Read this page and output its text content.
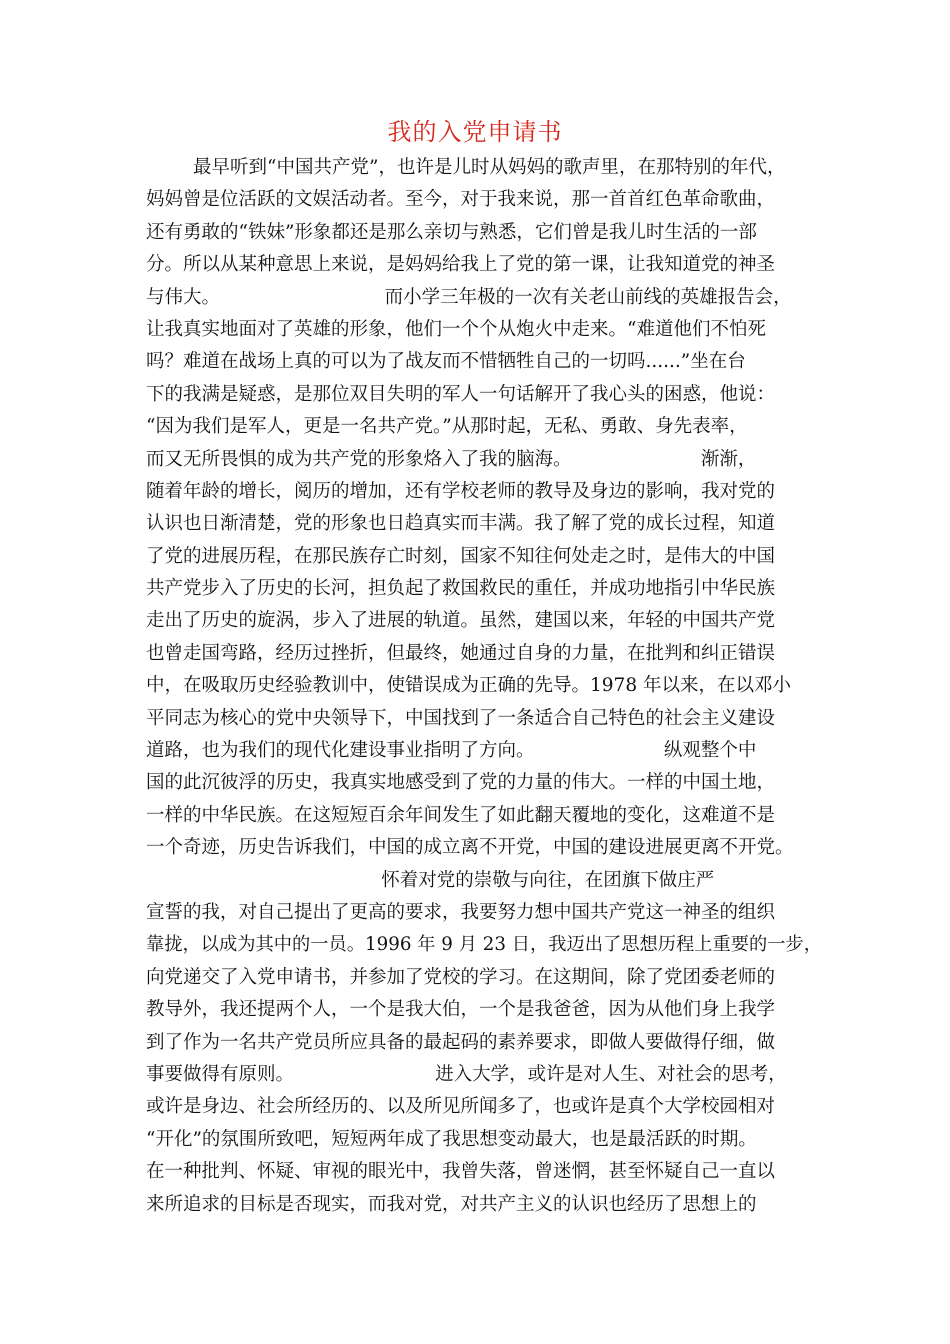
我的入党申请书
最早听到“中国共产党”，也许是儿时从妈妈的歌声里，在那特别的年代，
妈妈曾是位活跃的文娱活动者。至今，对于我来说，那一首首红色革命歌曲，
还有勇敢的“铁妹”形象都还是那么亲切与熟悉，它们曾是我儿时生活的一部
分。所以从某种意思上来说，是妈妈给我上了党的第一课，让我知道党的神圣
与伟大。                            而小学三年极的一次有关老山前线的英雄报告会，
让我真实地面对了英雄的形象，他们一个个从炮火中走来。“难道他们不怕死
吗？难道在战场上真的可以为了战友而不惜牺牲自己的一切吗......”坐在台
下的我满是疑惑，是那位双目失明的军人一句话解开了我心头的困惑，他说：
“因为我们是军人，更是一名共产党。”从那时起，无私、勇敢、身先表率，
而又无所畏惧的成为共产党的形象烙入了我的脑海。                      渐渐，
随着年龄的增长，阅历的增加，还有学校老师的教导及身边的影响，我对党的
认识也日渐清楚，党的形象也日趋真实而丰满。我了解了党的成长过程，知道
了党的进展历程，在那民族存亡时刻，国家不知往何处走之时，是伟大的中国
共产党步入了历史的长河，担负起了救国救民的重任，并成功地指引中华民族
走出了历史的旋涡，步入了进展的轨道。虽然，建国以来，年轻的中国共产党
也曾走国弯路，经历过挫折，但最终，她通过自身的力量，在批判和纠正错误
中，在吸取历史经验教训中，使错误成为正确的先导。1978 年以来，在以邓小
平同志为核心的党中央领导下，中国找到了一条适合自己特色的社会主义建设
道路，也为我们的现代化建设事业指明了方向。                      纵观整个中
国的此沉彼浮的历史，我真实地感受到了党的力量的伟大。一样的中国土地，
一样的中华民族。在这短短百余年间发生了如此翻天覆地的变化，这难道不是
一个奇迹，历史告诉我们，中国的成立离不开党，中国的建设进展更离不开党。
怀着对党的崇敬与向往，在团旗下做庄严
宣誓的我，对自己提出了更高的要求，我要努力想中国共产党这一神圣的组织
靠拢，以成为其中的一员。1996 年 9 月 23 日，我迈出了思想历程上重要的一步，
向党递交了入党申请书，并参加了党校的学习。在这期间，除了党团委老师的
教导外，我还提两个人，一个是我大伯，一个是我爸爸，因为从他们身上我学
到了作为一名共产党员所应具备的最起码的素养要求，即做人要做得仔细，做
事要做得有原则。                        进入大学，或许是对人生、对社会的思考，
或许是身边、社会所经历的、以及所见所闻多了，也或许是真个大学校园相对
“开化”的氛围所致吧，短短两年成了我思想变动最大，也是最活跃的时期。
在一种批判、怀疑、审视的眼光中，我曾失落，曾迷惘，甚至怀疑自己一直以
来所追求的目标是否现实，而我对党，对共产主义的认识也经历了思想上的
